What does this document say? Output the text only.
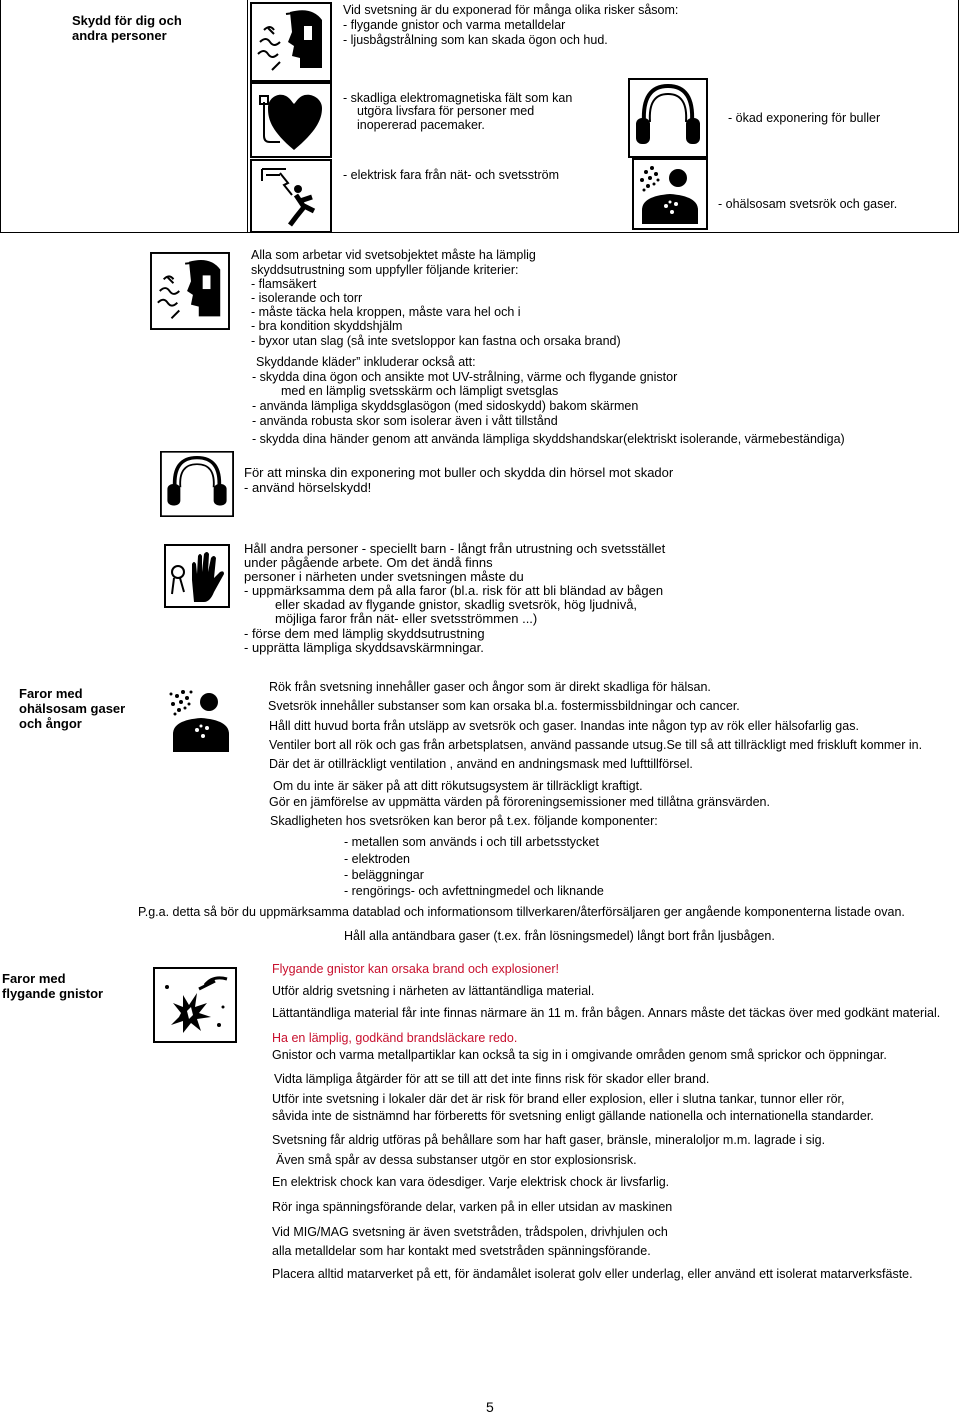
Skydd för dig och
andra personer
Vid svetsning är du exponerad för många olika risker såsom:
- flygande gnistor och varma metalldelar
- ljusbågstrålning som kan skada ögon och hud.
- skadliga elektromagnetiska fält som kan
utgöra livsfara för personer med
inopererad pacemaker.	- ökad exponering för buller
- elektrisk fara från nät- och svetsström
- ohälsosam svetsrök och gaser.
Alla som arbetar vid svetsobjektet måste ha lämplig
skyddsutrustning som uppfyller följande kriterier:
- flamsäkert
- isolerande och torr
- måste täcka hela kroppen, måste vara hel och i
- bra kondition skyddshjälm
- byxor utan slag (så inte svetsloppor kan fastna och orsaka brand)
Skyddande kläder” inkluderar också att:
- skydda dina ögon och ansikte mot UV-strålning, värme och flygande gnistor
med en lämplig svetsskärm och lämpligt svetsglas
- använda lämpliga skyddsglasögon (med sidoskydd) bakom skärmen
- använda robusta skor som isolerar även i vått tillstånd
- skydda dina händer genom att använda lämpliga skyddshandskar(elektriskt isolerande, värmebeständiga)
För att minska din exponering mot buller och skydda din hörsel mot skador
- använd hörselskydd!
Håll andra personer - speciellt barn - långt från utrustning och svetsstället
under pågående arbete. Om det ändå finns
personer i närheten under svetsningen måste du
- uppmärksamma dem på alla faror (bl.a. risk för att bli bländad av bågen
eller skadad av flygande gnistor, skadlig svetsrök, hög ljudnivå,
möjliga faror från nät- eller svetsströmmen ...)
- förse dem med lämplig skyddsutrustning
- upprätta lämpliga skyddsavskärmningar.
Faror med
ohälsosam gaser
och ångor
Rök från svetsning innehåller gaser och ångor som är direkt skadliga för hälsan.
Svetsrök innehåller substanser som kan orsaka bl.a. fostermissbildningar och cancer.
Håll ditt huvud borta från utsläpp av svetsrök och gaser. Inandas inte någon typ av rök eller hälsofarlig gas.
Ventiler bort all rök och gas från arbetsplatsen, använd passande utsug.Se till så att tillräckligt med friskluft kommer in.
Där det är otillräckligt ventilation , använd en andningsmask med lufttillförsel.
Om du inte är säker på att ditt rökutsugsystem är tillräckligt kraftigt.
Gör en jämförelse av uppmätta värden på föroreningsemissioner med tillåtna gränsvärden.
Skadligheten hos svetsröken kan beror på t.ex. följande komponenter:
- metallen som används i och till arbetsstycket
- elektroden
- beläggningar
- rengörings- och avfettningmedel och liknande
P.g.a. detta så bör du uppmärksamma datablad och informationsom tillverkaren/återförsäljaren ger angående komponenterna listade ovan.
Håll alla antändbara gaser (t.ex. från lösningsmedel) långt bort från ljusbågen.
Faror med
flygande gnistor
Flygande gnistor kan orsaka brand och explosioner!
Utför aldrig svetsning i närheten av lättantändliga material.
Lättantändliga material får inte finnas närmare än 11 m. från bågen. Annars måste det täckas över med godkänt material.
Ha en lämplig, godkänd brandsläckare redo.
Gnistor och varma metallpartiklar kan också ta sig in i omgivande områden genom små sprickor och öppningar.
Vidta lämpliga åtgärder för att se till att det inte finns risk för skador eller brand.
Utför inte svetsning i lokaler där det är risk för brand eller explosion, eller i slutna tankar, tunnor eller rör,
såvida inte de sistnämnd har förberetts för svetsning enligt gällande nationella och internationella standarder.
Svetsning får aldrig utföras på behållare som har haft gaser, bränsle, mineraloljor m.m. lagrade i sig.
Även små spår av dessa substanser utgör en stor explosionsrisk.
En elektrisk chock kan vara ödesdiger. Varje elektrisk chock är livsfarlig.
Rör inga spänningsförande delar, varken på in eller utsidan av maskinen
Vid MIG/MAG svetsning är även svetstråden, trådspolen, drivhjulen och
alla metalldelar som har kontakt med svetstråden spänningsförande.
Placera alltid matarverket på ett, för ändamålet isolerat golv eller underlag, eller använd ett isolerat matarverksfäste.
5
